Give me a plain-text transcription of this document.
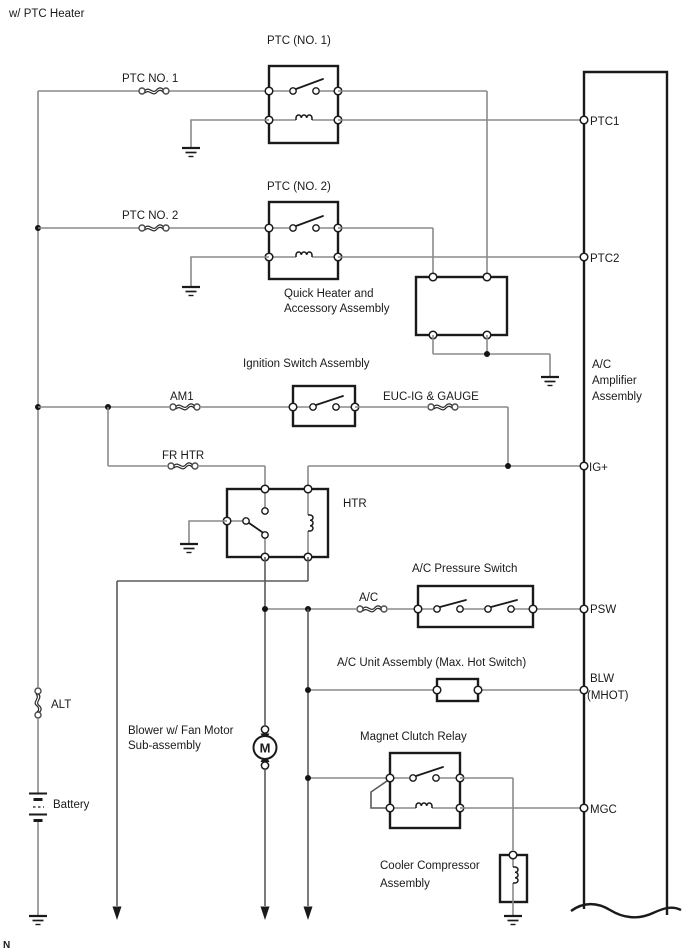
ALT
Battery
PTC NO. 1
PTC (NO. 1)
PTC NO. 2
PTC (NO. 2)
Quick Heater and
Accessory Assembly
Ignition Switch Assembly
AM1	EUC-IG & GAUGE
FR HTR
HTR
M
Blower w/ Fan Motor
Sub-assembly
A/C
A/C Pressure Switch
A/C Unit Assembly (Max. Hot Switch)
Magnet Clutch Relay
Cooler Compressor
Assembly
PTC1
PTC2
IG+
PSW
BLW
(MHOT)
MGC
A/C
Amplifier
Assembly
w/ PTC Heater
N
